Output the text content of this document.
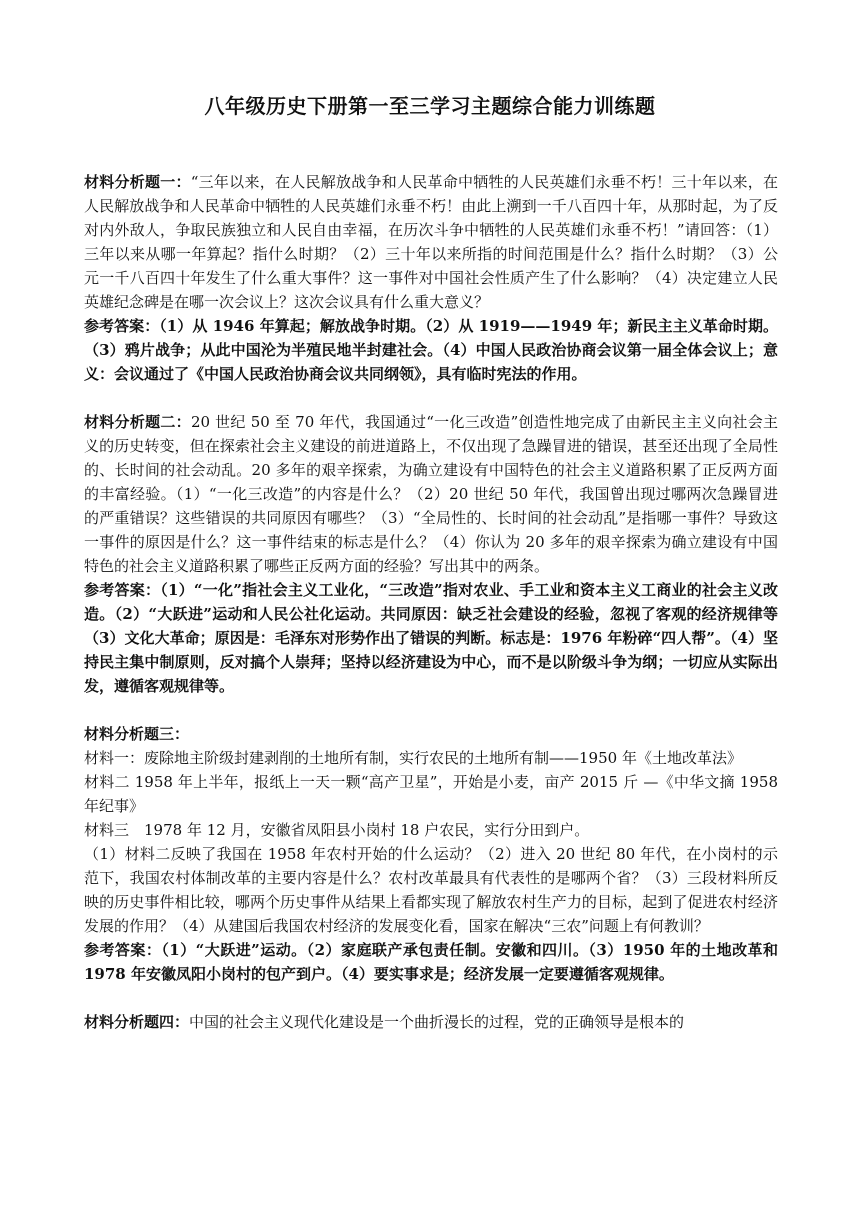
八年级历史下册第一至三学习主题综合能力训练题

材料分析题一：“三年以来，在人民解放战争和人民革命中牺牲的人民英雄们永垂不朽！三十年以来，在人民解放战争和人民革命中牺牲的人民英雄们永垂不朽！由此上溯到一千八百四十年，从那时起，为了反对内外敌人，争取民族独立和人民自由幸福，在历次斗争中牺牲的人民英雄们永垂不朽！”请回答：（1）三年以来从哪一年算起？指什么时期？（2）三十年以来所指的时间范围是什么？指什么时期？（3）公元一千八百四十年发生了什么重大事件？这一事件对中国社会性质产生了什么影响？（4）决定建立人民英雄纪念碑是在哪一次会议上？这次会议具有什么重大意义？

参考答案：（1）从 1946 年算起；解放战争时期。（2）从 1919——1949 年；新民主主义革命时期。（3）鸦片战争；从此中国沦为半殖民地半封建社会。（4）中国人民政治协商会议第一届全体会议上；意义：会议通过了《中国人民政治协商会议共同纲领》，具有临时宪法的作用。

材料分析题二：20 世纪 50 至 70 年代，我国通过“一化三改造”创造性地完成了由新民主主义向社会主义的历史转变，但在探索社会主义建设的前进道路上，不仅出现了急躁冒进的错误，甚至还出现了全局性的、长时间的社会动乱。20 多年的艰辛探索，为确立建设有中国特色的社会主义道路积累了正反两方面的丰富经验。（1）“一化三改造”的内容是什么？（2）20 世纪 50 年代，我国曾出现过哪两次急躁冒进的严重错误？这些错误的共同原因有哪些？（3）“全局性的、长时间的社会动乱”是指哪一事件？导致这一事件的原因是什么？这一事件结束的标志是什么？（4）你认为 20 多年的艰辛探索为确立建设有中国特色的社会主义道路积累了哪些正反两方面的经验？写出其中的两条。

参考答案：（1）“一化”指社会主义工业化，“三改造”指对农业、手工业和资本主义工商业的社会主义改造。（2）“大跃进”运动和人民公社化运动。共同原因：缺乏社会建设的经验，忽视了客观的经济规律等（3）文化大革命；原因是：毛泽东对形势作出了错误的判断。标志是：1976 年粉碎“四人帮”。（4）坚持民主集中制原则，反对搞个人崇拜；坚持以经济建设为中心，而不是以阶级斗争为纲；一切应从实际出发，遵循客观规律等。

材料分析题三：

材料一：废除地主阶级封建剥削的土地所有制，实行农民的土地所有制——1950 年《土地改革法》

材料二 1958 年上半年，报纸上一天一颗“高产卫星”，开始是小麦，亩产 2015 斤 —《中华文摘 1958 年纪事》

材料三　1978 年 12 月，安徽省凤阳县小岗村 18 户农民，实行分田到户。

（1）材料二反映了我国在 1958 年农村开始的什么运动？（2）进入 20 世纪 80 年代，在小岗村的示范下，我国农村体制改革的主要内容是什么？农村改革最具有代表性的是哪两个省？（3）三段材料所反映的历史事件相比较，哪两个历史事件从结果上看都实现了解放农村生产力的目标，起到了促进农村经济发展的作用？（4）从建国后我国农村经济的发展变化看，国家在解决“三农”问题上有何教训？

参考答案：（1）“大跃进”运动。（2）家庭联产承包责任制。安徽和四川。（3）1950 年的土地改革和 1978 年安徽凤阳小岗村的包产到户。（4）要实事求是；经济发展一定要遵循客观规律。

材料分析题四：中国的社会主义现代化建设是一个曲折漫长的过程，党的正确领导是根本的
